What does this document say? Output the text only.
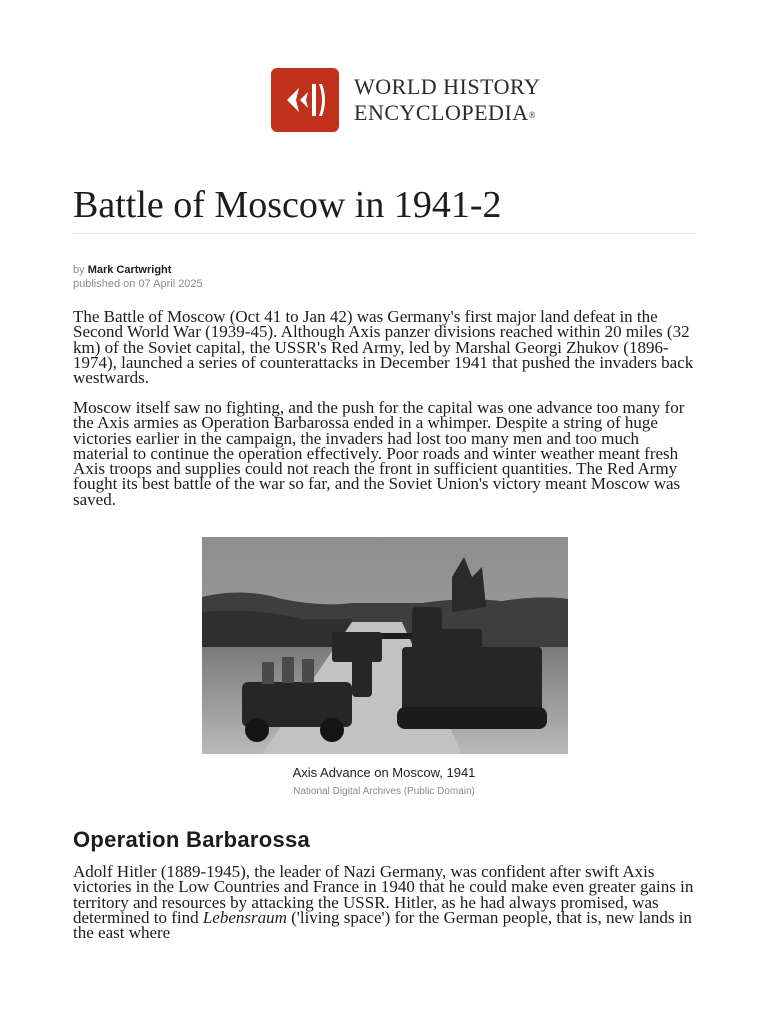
WORLD HISTORY
ENCYCLOPEDIA®
Battle of Moscow in 1941-2
by Mark Cartwright
published on 07 April 2025

The Battle of Moscow (Oct 41 to Jan 42) was Germany's first major land defeat in the Second World War (1939-45). Although Axis panzer divisions reached within 20 miles (32 km) of the Soviet capital, the USSR's Red Army, led by Marshal Georgi Zhukov (1896-1974), launched a series of counterattacks in December 1941 that pushed the invaders back westwards.

Moscow itself saw no fighting, and the push for the capital was one advance too many for the Axis armies as Operation Barbarossa ended in a whimper. Despite a string of huge victories earlier in the campaign, the invaders had lost too many men and too much material to continue the operation effectively. Poor roads and winter weather meant fresh Axis troops and supplies could not reach the front in sufficient quantities. The Red Army fought its best battle of the war so far, and the Soviet Union's victory meant Moscow was saved.

Axis Advance on Moscow, 1941
National Digital Archives (Public Domain)
Operation Barbarossa

Adolf Hitler (1889-1945), the leader of Nazi Germany, was confident after swift Axis victories in the Low Countries and France in 1940 that he could make even greater gains in territory and resources by attacking the USSR. Hitler, as he had always promised, was determined to find Lebensraum ('living space') for the German people, that is, new lands in the east where
